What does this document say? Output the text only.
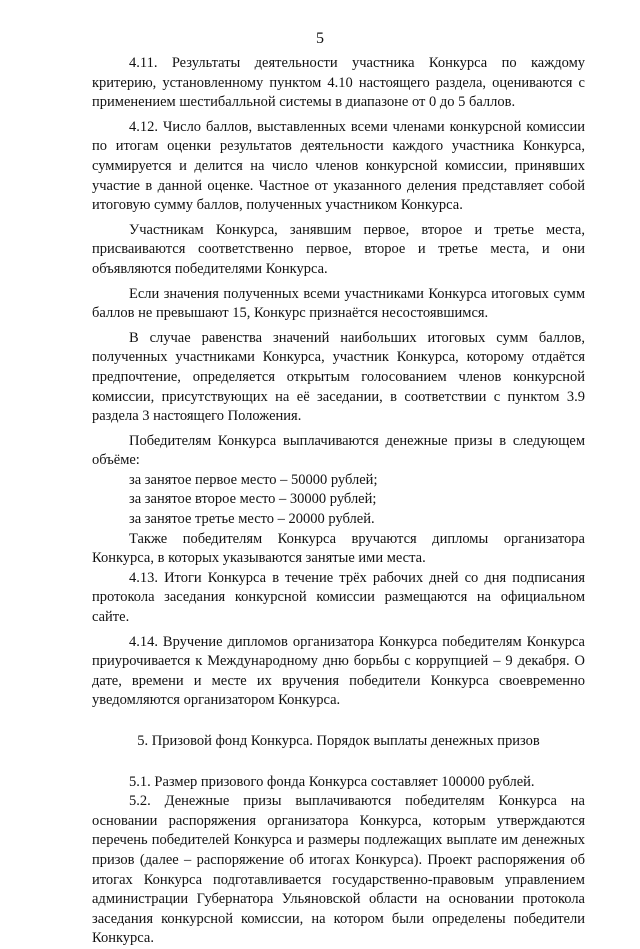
5

4.11. Результаты деятельности участника Конкурса по каждому критерию, установленному пунктом 4.10 настоящего раздела, оцениваются с применением шестибалльной системы в диапазоне от 0 до 5 баллов.

4.12. Число баллов, выставленных всеми членами конкурсной комиссии по итогам оценки результатов деятельности каждого участника Конкурса, суммируется и делится на число членов конкурсной комиссии, принявших участие в данной оценке. Частное от указанного деления представляет собой итоговую сумму баллов, полученных участником Конкурса.

Участникам Конкурса, занявшим первое, второе и третье места, присваиваются соответственно первое, второе и третье места, и они объявляются победителями Конкурса.

Если значения полученных всеми участниками Конкурса итоговых сумм баллов не превышают 15, Конкурс признаётся несостоявшимся.

В случае равенства значений наибольших итоговых сумм баллов, полученных участниками Конкурса, участник Конкурса, которому отдаётся предпочтение, определяется открытым голосованием членов конкурсной комиссии, присутствующих на её заседании, в соответствии с пунктом 3.9 раздела 3 настоящего Положения.

Победителям Конкурса выплачиваются денежные призы в следующем объёме:

за занятое первое место – 50000 рублей;

за занятое второе место – 30000 рублей;

за занятое третье место – 20000 рублей.

Также победителям Конкурса вручаются дипломы организатора Конкурса, в которых указываются занятые ими места.

4.13. Итоги Конкурса в течение трёх рабочих дней со дня подписания протокола заседания конкурсной комиссии размещаются на официальном сайте.

4.14. Вручение дипломов организатора Конкурса победителям Конкурса приурочивается к Международному дню борьбы с коррупцией – 9 декабря. О дате, времени и месте их вручения победители Конкурса своевременно уведомляются организатором Конкурса.

5. Призовой фонд Конкурса. Порядок выплаты денежных призов

5.1. Размер призового фонда Конкурса составляет 100000 рублей.

5.2. Денежные призы выплачиваются победителям Конкурса на основании распоряжения организатора Конкурса, которым утверждаются перечень победителей Конкурса и размеры подлежащих выплате им денежных призов (далее – распоряжение об итогах Конкурса). Проект распоряжения об итогах Конкурса подготавливается государственно-правовым управлением администрации Губернатора Ульяновской области на основании протокола заседания конкурсной комиссии, на котором были определены победители Конкурса.
